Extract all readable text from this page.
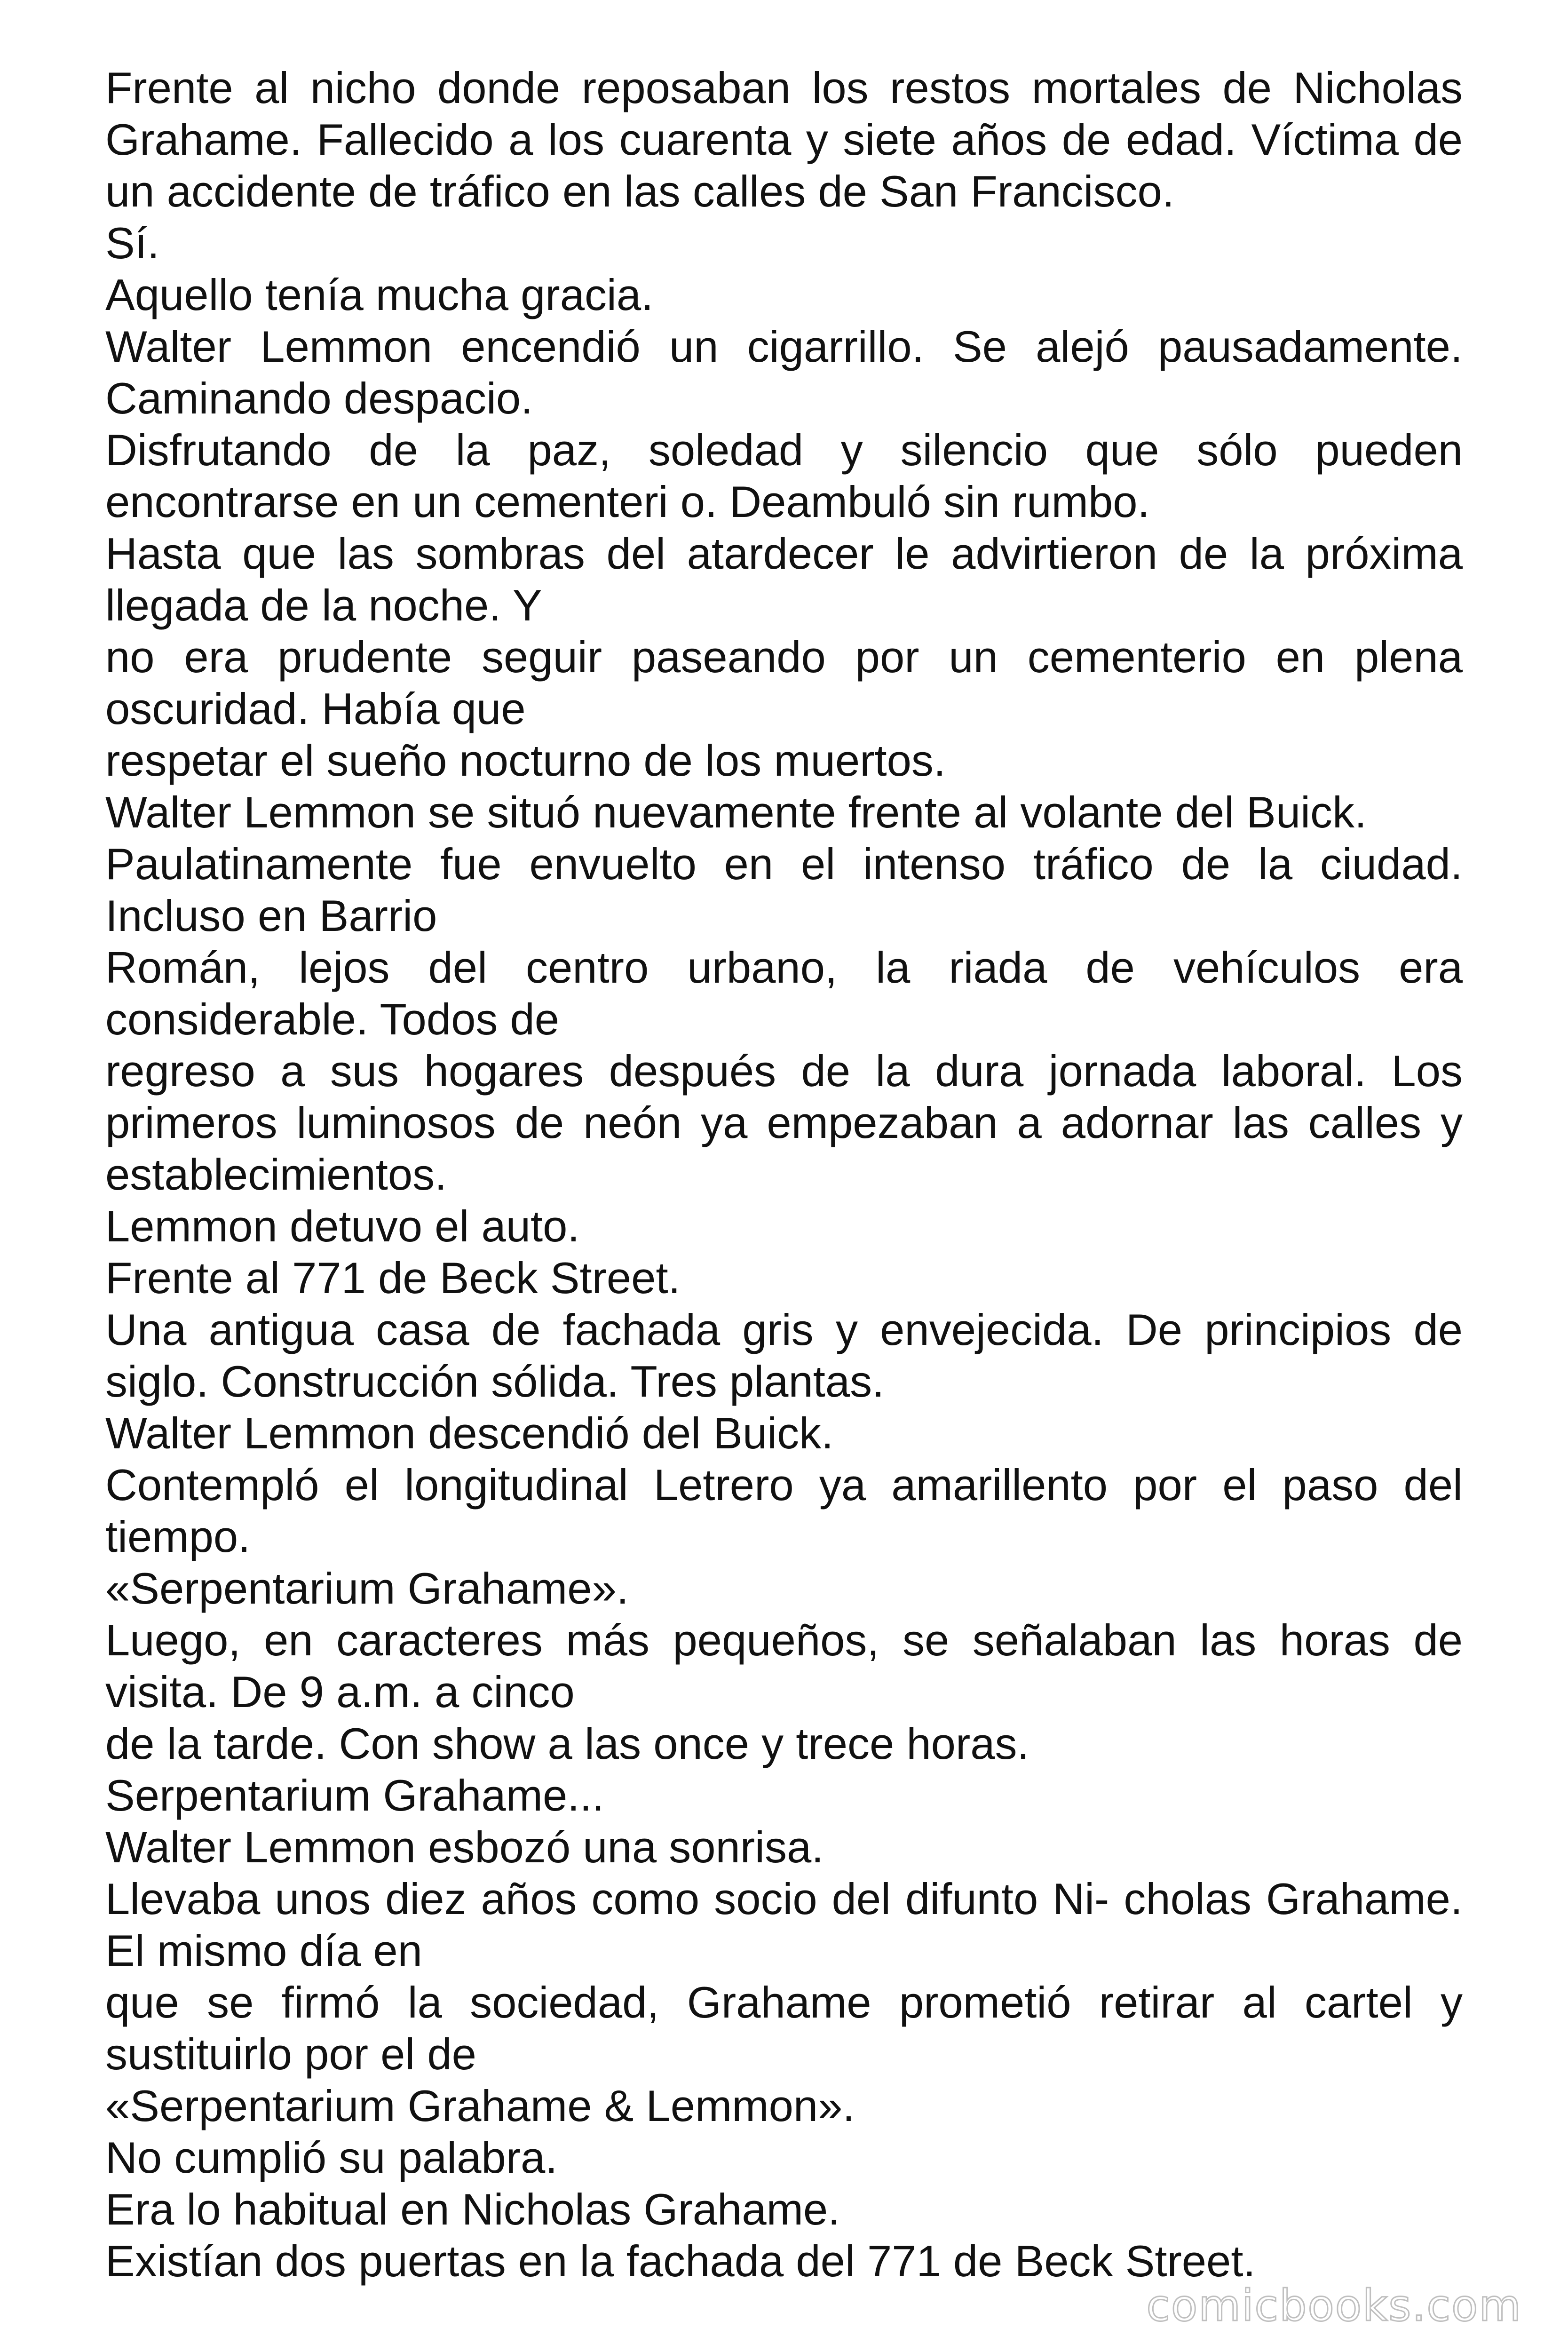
Frente al nicho donde reposaban los restos mortales de Nicholas Grahame. Fallecido a los cuarenta y siete años de edad. Víctima de un accidente de tráfico en las calles de San Francisco.

Sí.

Aquello tenía mucha gracia.

Walter Lemmon encendió un cigarrillo. Se alejó pausadamente. Caminando despacio.

Disfrutando de la paz, soledad y silencio que sólo pueden encontrarse en un cementeri o. Deambuló sin rumbo.

Hasta que las sombras del atardecer le advirtieron de la próxima llegada de la noche. Y

no era prudente seguir paseando por un cementerio en plena oscuridad. Había que

respetar el sueño nocturno de los muertos.

Walter Lemmon se situó nuevamente frente al volante del Buick.

Paulatinamente fue envuelto en el intenso tráfico de la ciudad. Incluso en Barrio

Román, lejos del centro urbano, la riada de vehículos era considerable. Todos de

regreso a sus hogares después de la dura jornada laboral. Los primeros luminosos de neón ya empezaban a adornar las calles y establecimientos.

Lemmon detuvo el auto.

Frente al 771 de Beck Street.

Una antigua casa de fachada gris y envejecida. De principios de siglo. Construcción sólida. Tres plantas.

Walter Lemmon descendió del Buick.

Contempló el longitudinal Letrero ya amarillento por el paso del tiempo.

«Serpentarium Grahame».

Luego, en caracteres más pequeños, se señalaban las horas de visita. De 9 a.m. a cinco

de la tarde. Con show a las once y trece horas.

Serpentarium Grahame...

Walter Lemmon esbozó una sonrisa.

Llevaba unos diez años como socio del difunto Ni- cholas Grahame. El mismo día en

que se firmó la sociedad, Grahame prometió retirar al cartel y sustituirlo por el de

«Serpentarium Grahame & Lemmon».

No cumplió su palabra.

Era lo habitual en Nicholas Grahame.

Existían dos puertas en la fachada del 771 de Beck Street.

comicbooks.com
